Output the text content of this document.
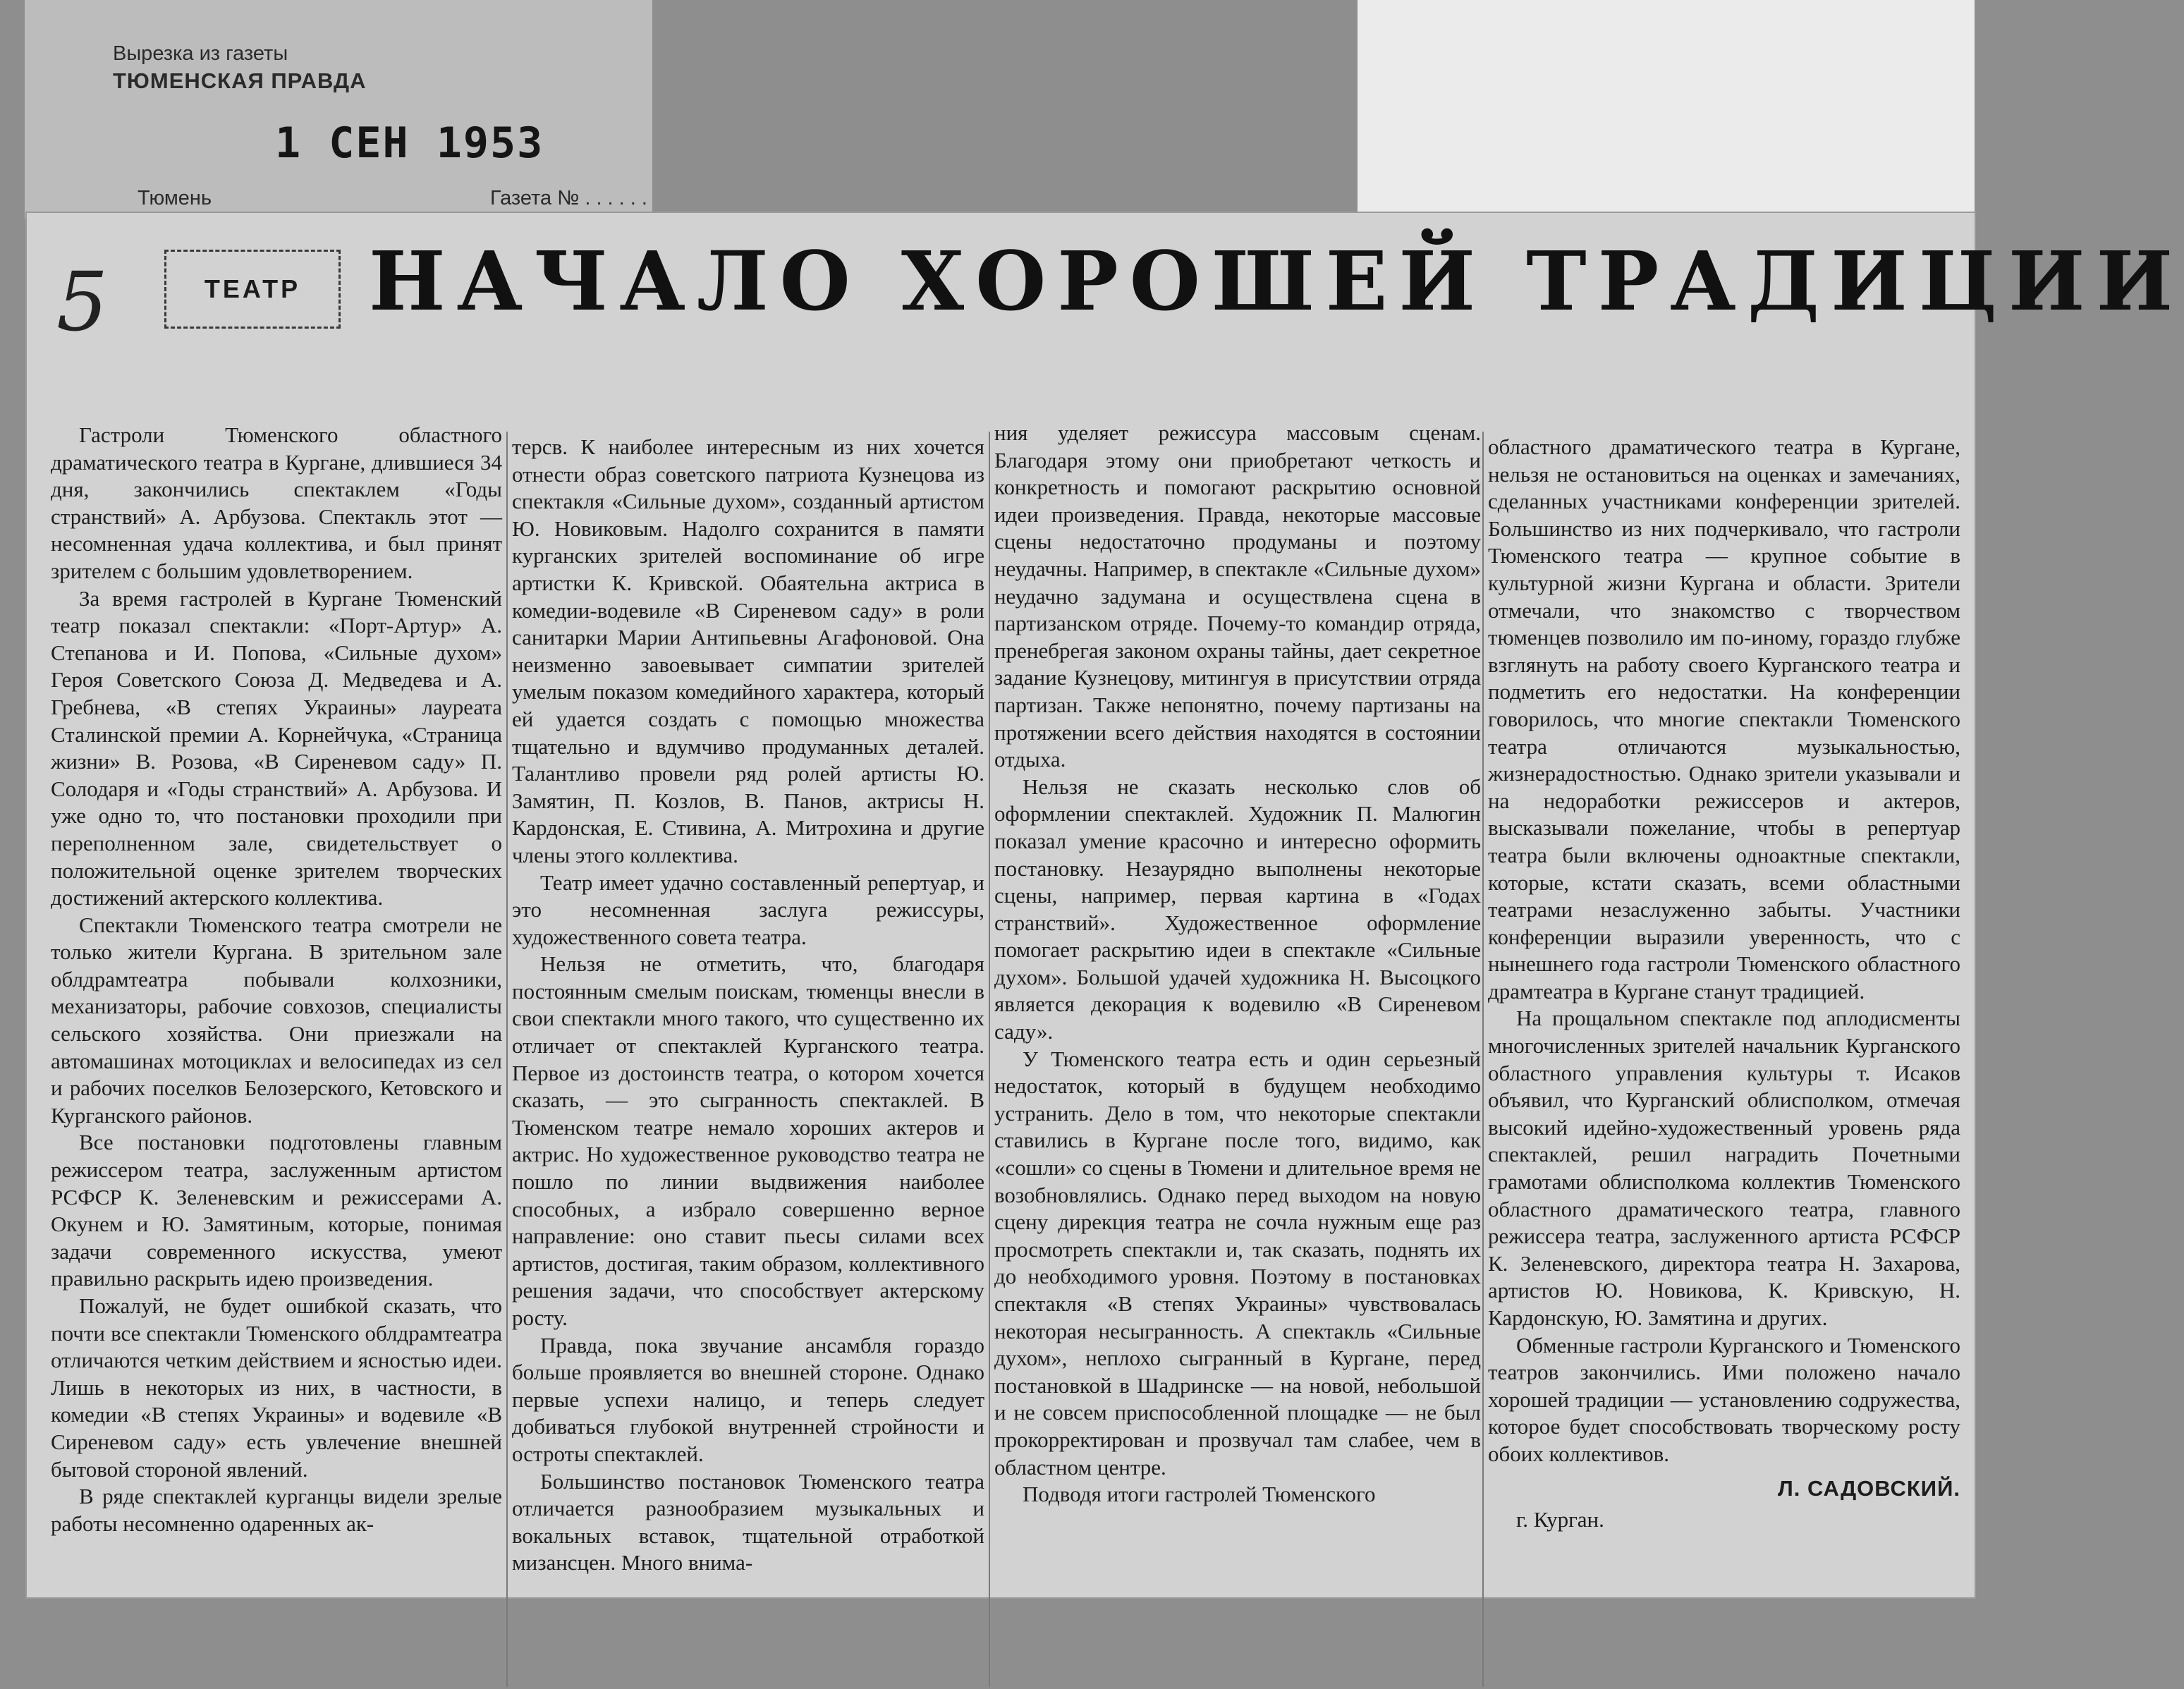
Вырезка из газеты
ТЮМЕНСКАЯ ПРАВДА
1 СЕН 1953
Тюмень	Газета № . . . . . .
5	ТЕАТР НАЧАЛО ХОРОШЕЙ ТРАДИЦИИ

Гастроли Тюменского областного драматического театра в Кургане, длившиеся 34 дня, закончились спектаклем «Годы странствий» А. Арбузова. Спектакль этот — несомненная удача коллектива, и был принят зрителем с большим удовлетворением.

За время гастролей в Кургане Тюменский театр показал спектакли: «Порт-Артур» А. Степанова и И. Попова, «Сильные духом» Героя Советского Союза Д. Медведева и А. Гребнева, «В степях Украины» лауреата Сталинской премии А. Корнейчука, «Страница жизни» В. Розова, «В Сиреневом саду» П. Солодаря и «Годы странствий» А. Арбузова. И уже одно то, что постановки проходили при переполненном зале, свидетельствует о положительной оценке зрителем творческих достижений актерского коллектива.

Спектакли Тюменского театра смотрели не только жители Кургана. В зрительном зале облдрамтеатра побывали колхозники, механизаторы, рабочие совхозов, специалисты сельского хозяйства. Они приезжали на автомашинах мотоциклах и велосипедах из сел и рабочих поселков Белозерского, Кетовского и Курганского районов.

Все постановки подготовлены главным режиссером театра, заслуженным артистом РСФСР К. Зеленевским и режиссерами А. Окунем и Ю. Замятиным, которые, понимая задачи современного искусства, умеют правильно раскрыть идею произведения.

Пожалуй, не будет ошибкой сказать, что почти все спектакли Тюменского облдрамтеатра отличаются четким действием и ясностью идеи. Лишь в некоторых из них, в частности, в комедии «В степях Украины» и водевиле «В Сиреневом саду» есть увлечение внешней бытовой стороной явлений.

В ряде спектаклей курганцы видели зрелые работы несомненно одаренных ак-

терсв. К наиболее интересным из них хочется отнести образ советского патриота Кузнецова из спектакля «Сильные духом», созданный артистом Ю. Новиковым. Надолго сохранится в памяти курганских зрителей воспоминание об игре артистки К. Кривской. Обаятельна актриса в комедии-водевиле «В Сиреневом саду» в роли санитарки Марии Антипьевны Агафоновой. Она неизменно завоевывает симпатии зрителей умелым показом комедийного характера, который ей удается создать с помощью множества тщательно и вдумчиво продуманных деталей. Талантливо провели ряд ролей артисты Ю. Замятин, П. Козлов, В. Панов, актрисы Н. Кардонская, Е. Стивина, А. Митрохина и другие члены этого коллектива.

Театр имеет удачно составленный репертуар, и это несомненная заслуга режиссуры, художественного совета театра.

Нельзя не отметить, что, благодаря постоянным смелым поискам, тюменцы внесли в свои спектакли много такого, что существенно их отличает от спектаклей Курганского театра. Первое из достоинств театра, о котором хочется сказать, — это сыгранность спектаклей. В Тюменском театре немало хороших актеров и актрис. Но художественное руководство театра не пошло по линии выдвижения наиболее способных, а избрало совершенно верное направление: оно ставит пьесы силами всех артистов, достигая, таким образом, коллективного решения задачи, что способствует актерскому росту.

Правда, пока звучание ансамбля гораздо больше проявляется во внешней стороне. Однако первые успехи налицо, и теперь следует добиваться глубокой внутренней стройности и остроты спектаклей.

Большинство постановок Тюменского театра отличается разнообразием музыкальных и вокальных вставок, тщательной отработкой мизансцен. Много внима-

ния уделяет режиссура массовым сценам. Благодаря этому они приобретают четкость и конкретность и помогают раскрытию основной идеи произведения. Правда, некоторые массовые сцены недостаточно продуманы и поэтому неудачны. Например, в спектакле «Сильные духом» неудачно задумана и осуществлена сцена в партизанском отряде. Почему-то командир отряда, пренебрегая законом охраны тайны, дает секретное задание Кузнецову, митингуя в присутствии отряда партизан. Также непонятно, почему партизаны на протяжении всего действия находятся в состоянии отдыха.

Нельзя не сказать несколько слов об оформлении спектаклей. Художник П. Малюгин показал умение красочно и интересно оформить постановку. Незаурядно выполнены некоторые сцены, например, первая картина в «Годах странствий». Художественное оформление помогает раскрытию идеи в спектакле «Сильные духом». Большой удачей художника Н. Высоцкого является декорация к водевилю «В Сиреневом саду».

У Тюменского театра есть и один серьезный недостаток, который в будущем необходимо устранить. Дело в том, что некоторые спектакли ставились в Кургане после того, видимо, как «сошли» со сцены в Тюмени и длительное время не возобновлялись. Однако перед выходом на новую сцену дирекция театра не сочла нужным еще раз просмотреть спектакли и, так сказать, поднять их до необходимого уровня. Поэтому в постановках спектакля «В степях Украины» чувствовалась некоторая несыгранность. А спектакль «Сильные духом», неплохо сыгранный в Кургане, перед постановкой в Шадринске — на новой, небольшой и не совсем приспособленной площадке — не был прокорректирован и прозвучал там слабее, чем в областном центре.

Подводя итоги гастролей Тюменского

областного драматического театра в Кургане, нельзя не остановиться на оценках и замечаниях, сделанных участниками конференции зрителей. Большинство из них подчеркивало, что гастроли Тюменского театра — крупное событие в культурной жизни Кургана и области. Зрители отмечали, что знакомство с творчеством тюменцев позволило им по-иному, гораздо глубже взглянуть на работу своего Курганского театра и подметить его недостатки. На конференции говорилось, что многие спектакли Тюменского театра отличаются музыкальностью, жизнерадостностью. Однако зрители указывали и на недоработки режиссеров и актеров, высказывали пожелание, чтобы в репертуар театра были включены одноактные спектакли, которые, кстати сказать, всеми областными театрами незаслуженно забыты. Участники конференции выразили уверенность, что с нынешнего года гастроли Тюменского областного драмтеатра в Кургане станут традицией.

На прощальном спектакле под аплодисменты многочисленных зрителей начальник Курганского областного управления культуры т. Исаков объявил, что Курганский облисполком, отмечая высокий идейно-художественный уровень ряда спектаклей, решил наградить Почетными грамотами облисполкома коллектив Тюменского областного драматического театра, главного режиссера театра, заслуженного артиста РСФСР К. Зеленевского, директора театра Н. Захарова, артистов Ю. Новикова, К. Кривскую, Н. Кардонскую, Ю. Замятина и других.

Обменные гастроли Курганского и Тюменского театров закончились. Ими положено начало хорошей традиции — установлению содружества, которое будет способствовать творческому росту обоих коллективов.

Л. САДОВСКИЙ.
г. Курган.
